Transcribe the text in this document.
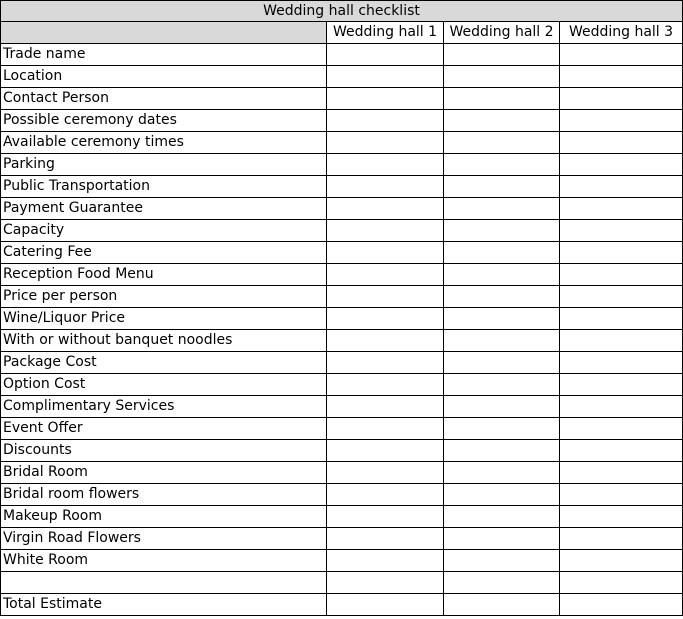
Wedding hall checklist			
	Wedding hall 1	Wedding hall 2	Wedding hall 3
Trade name			
Location			
Contact Person			
Possible ceremony dates			
Available ceremony times			
Parking			
Public Transportation			
Payment Guarantee			
Capacity			
Catering Fee			
Reception Food Menu			
Price per person			
Wine/Liquor Price			
With or without banquet noodles			
Package Cost			
Option Cost			
Complimentary Services			
Event Offer			
Discounts			
Bridal Room			
Bridal room flowers			
Makeup Room			
Virgin Road Flowers			
White Room			

Total Estimate			
